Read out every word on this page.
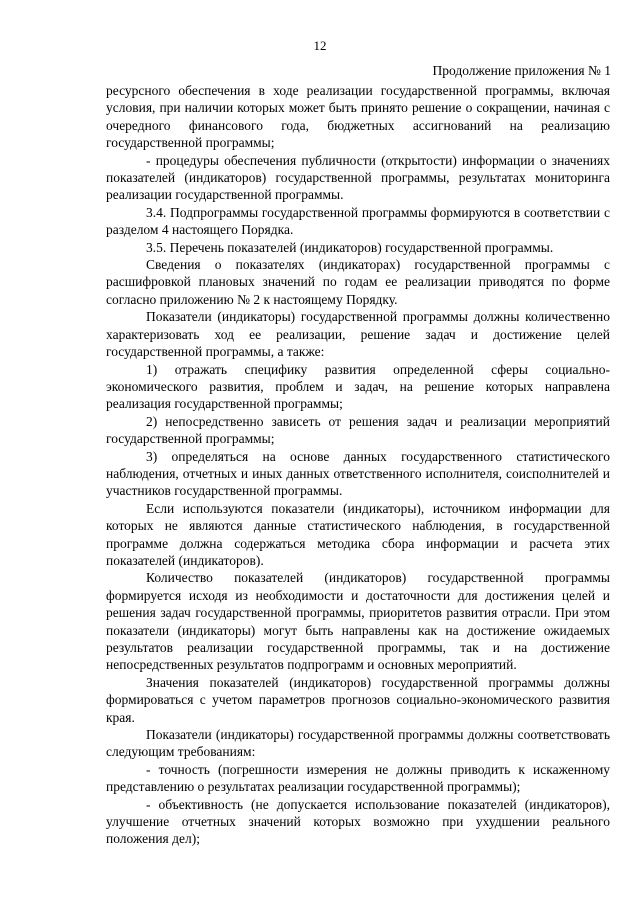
12
Продолжение приложения № 1

ресурсного обеспечения в ходе реализации государственной программы, включая условия, при наличии которых может быть принято решение о сокращении, начиная с очередного финансового года, бюджетных ассигнований на реализацию государственной программы;

- процедуры обеспечения публичности (открытости) информации о значениях показателей (индикаторов) государственной программы, результатах мониторинга реализации государственной программы.

3.4. Подпрограммы государственной программы формируются в соответствии с разделом 4 настоящего Порядка.

3.5. Перечень показателей (индикаторов) государственной программы.

Сведения о показателях (индикаторах) государственной программы с расшифровкой плановых значений по годам ее реализации приводятся по форме согласно приложению № 2 к настоящему Порядку.

Показатели (индикаторы) государственной программы должны количественно характеризовать ход ее реализации, решение задач и достижение целей государственной программы, а также:

1) отражать специфику развития определенной сферы социально-экономического развития, проблем и задач, на решение которых направлена реализация государственной программы;

2) непосредственно зависеть от решения задач и реализации мероприятий государственной программы;

3) определяться на основе данных государственного статистического наблюдения, отчетных и иных данных ответственного исполнителя, соисполнителей и участников государственной программы.

Если используются показатели (индикаторы), источником информации для которых не являются данные статистического наблюдения, в государственной программе должна содержаться методика сбора информации и расчета этих показателей (индикаторов).

Количество показателей (индикаторов) государственной программы формируется исходя из необходимости и достаточности для достижения целей и решения задач государственной программы, приоритетов развития отрасли. При этом показатели (индикаторы) могут быть направлены как на достижение ожидаемых результатов реализации государственной программы, так и на достижение непосредственных результатов подпрограмм и основных мероприятий.

Значения показателей (индикаторов) государственной программы должны формироваться с учетом параметров прогнозов социально-экономического развития края.

Показатели (индикаторы) государственной программы должны соответствовать следующим требованиям:

- точность (погрешности измерения не должны приводить к искаженному представлению о результатах реализации государственной программы);

- объективность (не допускается использование показателей (индикаторов), улучшение отчетных значений которых возможно при ухудшении реального положения дел);
